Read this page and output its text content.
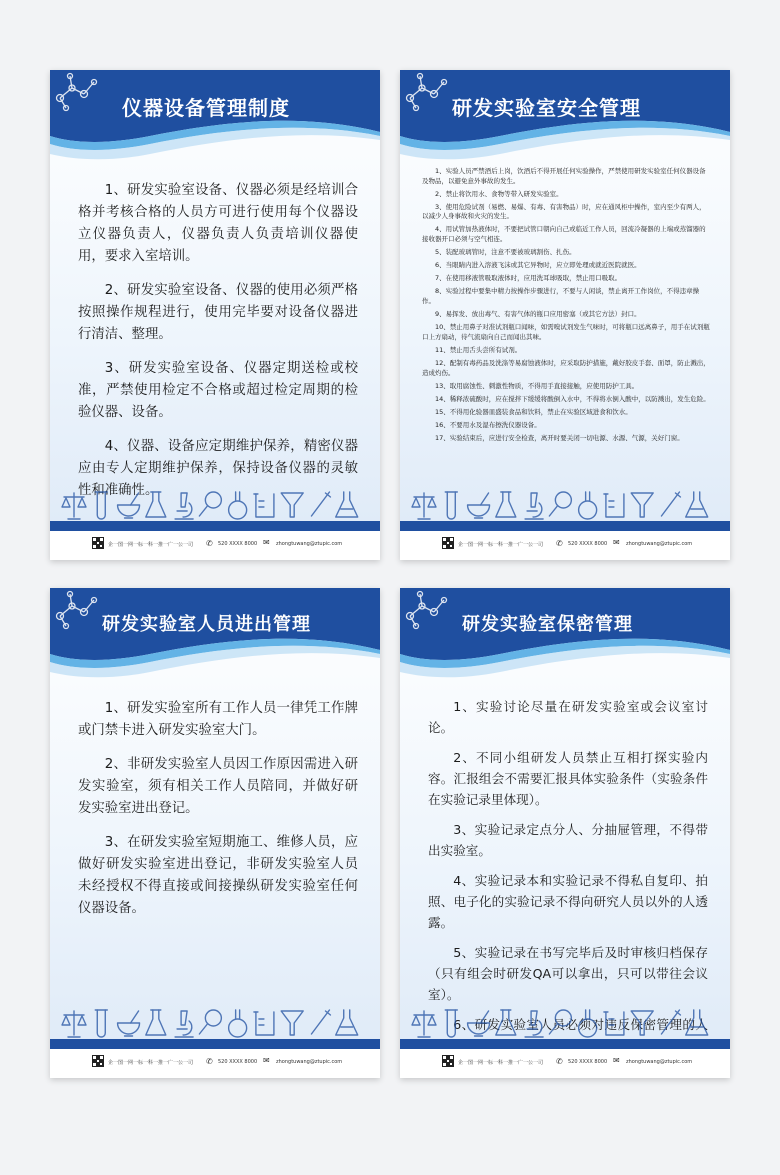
仪器设备管理制度

1、研发实验室设备、仪器必须是经培训合格并考核合格的人员方可进行使用每个仪器设立仪器负责人，仪器负责人负责培训仪器使用，要求入室培训。

2、研发实验室设备、仪器的使用必须严格按照操作规程进行，使用完毕要对设备仪器进行清洁、整理。

3、研发实验室设备、仪器定期送检或校准，严禁使用检定不合格或超过检定周期的检验仪器、设备。

4、仪器、设备应定期维护保养，精密仪器应由专人定期维护保养，保持设备仪器的灵敏性和准确性。

企一图一网一标一科一推一广一公一司 ✆ 520 XXXX 8000 ✉ zhongtuwang@ztupic.com
研发实验室安全管理

1、实验人员严禁酒后上岗，饮酒后不得开展任何实验操作，严禁使用研发实验室任何仪器设备及物品，以避免意外事故的发生。

2、禁止将饮用水、食物等带入研发实验室。

3、使用危险试剂（易燃、易爆、有毒、有害物品）时，应在通风柜中操作，室内至少有两人，以减少人身事故和火灾的发生。

4、用试管加热液体时，不要把试管口朝向自己或临近工作人员，回流冷凝器的上端或蒸馏器的接收器开口必须与空气相连。

5、装配玻璃管时，注意不要被玻璃割伤、扎伤。

6、当眼睛内进入溶液飞沫或其它异物时，应立即处理或就近医院就医。

7、在使用移液管吸取液体时，应用洗耳球吸取，禁止用口吸取。

8、实验过程中要集中精力按操作步骤进行，不要与人闲谈，禁止离开工作岗位，不得违章操作。

9、易挥发、放出毒气、有害气体的瓶口应用密塞（或其它方法）封口。

10、禁止用鼻子对准试剂瓶口闻味，如需嗅试剂发生气味时，可将瓶口远离鼻子，用手在试剂瓶口上方扇动，待气流扇向自己而闻出其味。

11、禁止用舌头尝所有试剂。

12、配制有毒药品及洗涤等易腐蚀液体时，应采取防护措施，戴好胶皮手套、面罩，防止溅出，造成灼伤。

13、取用腐蚀性、刺激性物质，不得用手直接接触，应使用防护工具。

14、稀释浓硫酸时，应在搅拌下缓缓将酸倒入水中，不得将水倒入酸中，以防溅出，发生危险。

15、不得用化验器皿盛装食品和饮料，禁止在实验区域进食和饮水。

16、不要用水及湿布擦洗仪器设备。

17、实验结束后，应进行安全检查，离开时要关闭一切电源、水源、气源，关好门窗。

企一图一网一标一科一推一广一公一司 ✆ 520 XXXX 8000 ✉ zhongtuwang@ztupic.com
研发实验室人员进出管理

1、研发实验室所有工作人员一律凭工作牌或门禁卡进入研发实验室大门。

2、非研发实验室人员因工作原因需进入研发实验室，须有相关工作人员陪同，并做好研发实验室进出登记。

3、在研发实验室短期施工、维修人员，应做好研发实验室进出登记，非研发实验室人员未经授权不得直接或间接操纵研发实验室任何仪器设备。

企一图一网一标一科一推一广一公一司 ✆ 520 XXXX 8000 ✉ zhongtuwang@ztupic.com
研发实验室保密管理

1、实验讨论尽量在研发实验室或会议室讨论。

2、不同小组研发人员禁止互相打探实验内容。汇报组会不需要汇报具体实验条件（实验条件在实验记录里体现）。

3、实验记录定点分人、分抽屉管理，不得带出实验室。

4、实验记录本和实验记录不得私自复印、拍照、电子化的实验记录不得向研究人员以外的人透露。

5、实验记录在书写完毕后及时审核归档保存（只有组会时研发QA可以拿出，只可以带往会议室）。

6、研发实验室人员必须对违反保密管理的人

企一图一网一标一科一推一广一公一司 ✆ 520 XXXX 8000 ✉ zhongtuwang@ztupic.com
